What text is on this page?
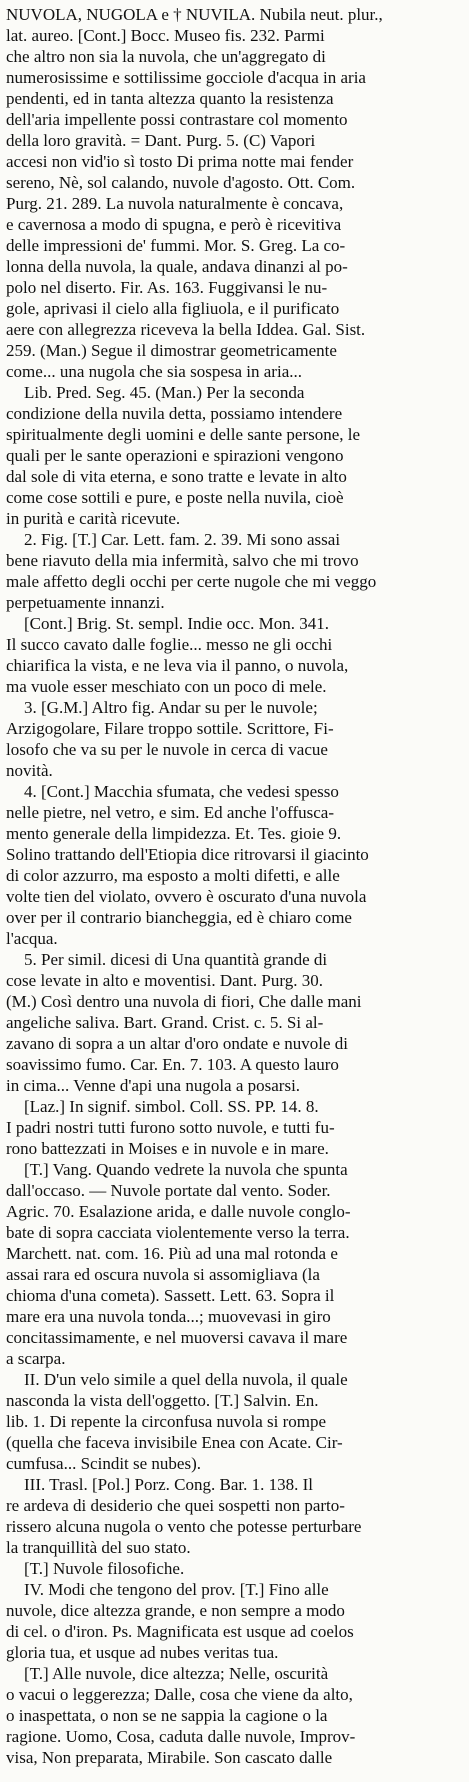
NUVOLA, NUGOLA e † NUVILA. Nubila neut. plur.,
lat. aureo. [Cont.] Bocc. Museo fis. 232. Parmi
che altro non sia la nuvola, che un'aggregato di
numerosissime e sottilissime gocciole d'acqua in aria
pendenti, ed in tanta altezza quanto la resistenza
dell'aria impellente possi contrastare col momento
della loro gravità. = Dant. Purg. 5. (C) Vapori
accesi non vid'io sì tosto Di prima notte mai fender
sereno, Nè, sol calando, nuvole d'agosto. Ott. Com.
Purg. 21. 289. La nuvola naturalmente è concava,
e cavernosa a modo di spugna, e però è ricevitiva
delle impressioni de' fummi. Mor. S. Greg. La co-
lonna della nuvola, la quale, andava dinanzi al po-
polo nel diserto. Fir. As. 163. Fuggivansi le nu-
gole, aprivasi il cielo alla figliuola, e il purificato
aere con allegrezza riceveva la bella Iddea. Gal. Sist.
259. (Man.) Segue il dimostrar geometricamente
come... una nugola che sia sospesa in aria...
Lib. Pred. Seg. 45. (Man.) Per la seconda
condizione della nuvila detta, possiamo intendere
spiritualmente degli uomini e delle sante persone, le
quali per le sante operazioni e spirazioni vengono
dal sole di vita eterna, e sono tratte e levate in alto
come cose sottili e pure, e poste nella nuvila, cioè
in purità e carità ricevute.
2. Fig. [T.] Car. Lett. fam. 2. 39. Mi sono assai
bene riavuto della mia infermità, salvo che mi trovo
male affetto degli occhi per certe nugole che mi veggo
perpetuamente innanzi.
[Cont.] Brig. St. sempl. Indie occ. Mon. 341.
Il succo cavato dalle foglie... messo ne gli occhi
chiarifica la vista, e ne leva via il panno, o nuvola,
ma vuole esser meschiato con un poco di mele.
3. [G.M.] Altro fig. Andar su per le nuvole;
Arzigogolare, Filare troppo sottile. Scrittore, Fi-
losofo che va su per le nuvole in cerca di vacue
novità.
4. [Cont.] Macchia sfumata, che vedesi spesso
nelle pietre, nel vetro, e sim. Ed anche l'offusca-
mento generale della limpidezza. Et. Tes. gioie 9.
Solino trattando dell'Etiopia dice ritrovarsi il giacinto
di color azzurro, ma esposto a molti difetti, e alle
volte tien del violato, ovvero è oscurato d'una nuvola
over per il contrario biancheggia, ed è chiaro come
l'acqua.
5. Per simil. dicesi di Una quantità grande di
cose levate in alto e moventisi. Dant. Purg. 30.
(M.) Così dentro una nuvola di fiori, Che dalle mani
angeliche saliva. Bart. Grand. Crist. c. 5. Si al-
zavano di sopra a un altar d'oro ondate e nuvole di
soavissimo fumo. Car. En. 7. 103. A questo lauro
in cima... Venne d'api una nugola a posarsi.
[Laz.] In signif. simbol. Coll. SS. PP. 14. 8.
I padri nostri tutti furono sotto nuvole, e tutti fu-
rono battezzati in Moises e in nuvole e in mare.
[T.] Vang. Quando vedrete la nuvola che spunta
dall'occaso. — Nuvole portate dal vento. Soder.
Agric. 70. Esalazione arida, e dalle nuvole conglo-
bate di sopra cacciata violentemente verso la terra.
Marchett. nat. com. 16. Più ad una mal rotonda e
assai rara ed oscura nuvola si assomigliava (la
chioma d'una cometa). Sassett. Lett. 63. Sopra il
mare era una nuvola tonda...; muovevasi in giro
concitassimamente, e nel muoversi cavava il mare
a scarpa.
II. D'un velo simile a quel della nuvola, il quale
nasconda la vista dell'oggetto. [T.] Salvin. En.
lib. 1. Di repente la circonfusa nuvola si rompe
(quella che faceva invisibile Enea con Acate. Cir-
cumfusa... Scindit se nubes).
III. Trasl. [Pol.] Porz. Cong. Bar. 1. 138. Il
re ardeva di desiderio che quei sospetti non parto-
rissero alcuna nugola o vento che potesse perturbare
la tranquillità del suo stato.
[T.] Nuvole filosofiche.
IV. Modi che tengono del prov. [T.] Fino alle
nuvole, dice altezza grande, e non sempre a modo
di cel. o d'iron. Ps. Magnificata est usque ad coelos
gloria tua, et usque ad nubes veritas tua.
[T.] Alle nuvole, dice altezza; Nelle, oscurità
o vacui o leggerezza; Dalle, cosa che viene da alto,
o inaspettata, o non se ne sappia la cagione o la
ragione. Uomo, Cosa, caduta dalle nuvole, Improv-
visa, Non preparata, Mirabile. Son cascato dalle
